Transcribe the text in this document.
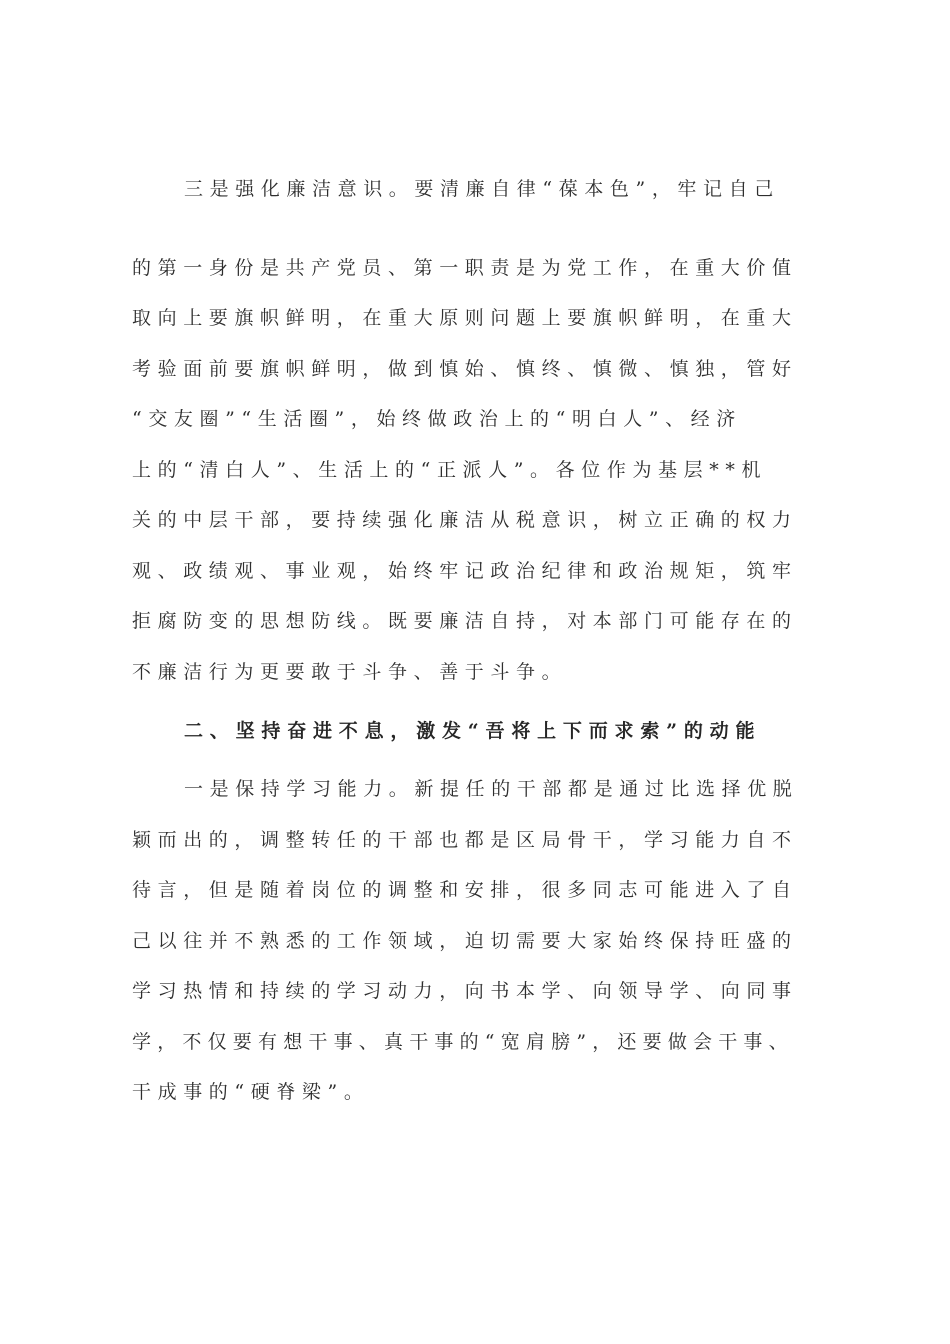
三是强化廉洁意识。要清廉自律“葆本色”，牢记自己
的第一身份是共产党员、第一职责是为党工作，在重大价值
取向上要旗帜鲜明，在重大原则问题上要旗帜鲜明，在重大
考验面前要旗帜鲜明，做到慎始、慎终、慎微、慎独，管好
“交友圈”“生活圈”，始终做政治上的“明白人”、经济
上的“清白人”、生活上的“正派人”。各位作为基层**机
关的中层干部，要持续强化廉洁从税意识，树立正确的权力
观、政绩观、事业观，始终牢记政治纪律和政治规矩，筑牢
拒腐防变的思想防线。既要廉洁自持，对本部门可能存在的
不廉洁行为更要敢于斗争、善于斗争。
二、坚持奋进不息，激发“吾将上下而求索”的动能
一是保持学习能力。新提任的干部都是通过比选择优脱
颖而出的，调整转任的干部也都是区局骨干，学习能力自不
待言，但是随着岗位的调整和安排，很多同志可能进入了自
己以往并不熟悉的工作领域，迫切需要大家始终保持旺盛的
学习热情和持续的学习动力，向书本学、向领导学、向同事
学，不仅要有想干事、真干事的“宽肩膀”，还要做会干事、
干成事的“硬脊梁”。
